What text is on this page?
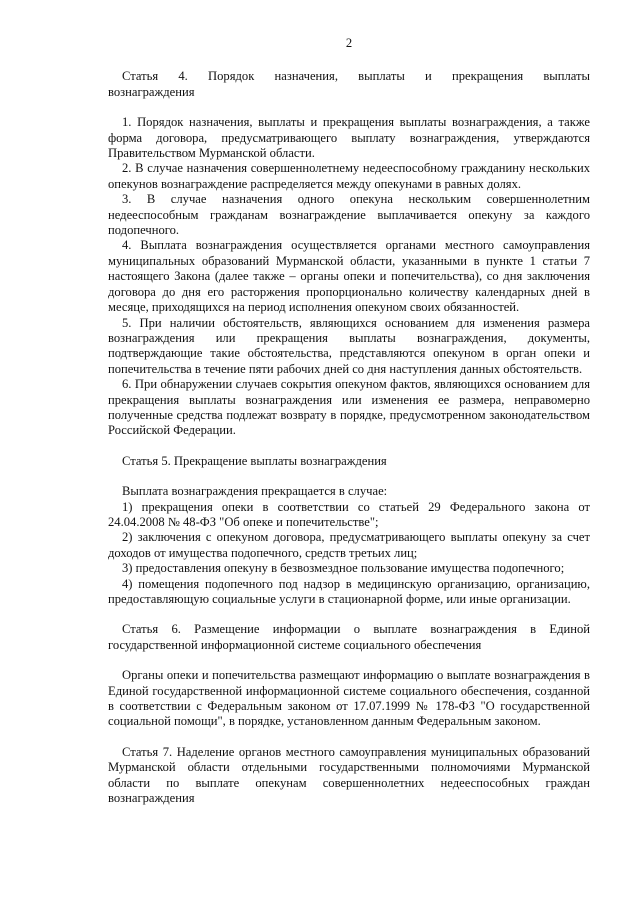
2

Статья 4. Порядок назначения, выплаты и прекращения выплаты вознаграждения

1. Порядок назначения, выплаты и прекращения выплаты вознаграждения, а также форма договора, предусматривающего выплату вознаграждения, утверждаются Правительством Мурманской области.

2. В случае назначения совершеннолетнему недееспособному гражданину нескольких опекунов вознаграждение распределяется между опекунами в равных долях.

3. В случае назначения одного опекуна нескольким совершеннолетним недееспособным гражданам вознаграждение выплачивается опекуну за каждого подопечного.

4. Выплата вознаграждения осуществляется органами местного самоуправления муниципальных образований Мурманской области, указанными в пункте 1 статьи 7 настоящего Закона (далее также – органы опеки и попечительства), со дня заключения договора до дня его расторжения пропорционально количеству календарных дней в месяце, приходящихся на период исполнения опекуном своих обязанностей.

5. При наличии обстоятельств, являющихся основанием для изменения размера вознаграждения или прекращения выплаты вознаграждения, документы, подтверждающие такие обстоятельства, представляются опекуном в орган опеки и попечительства в течение пяти рабочих дней со дня наступления данных обстоятельств.

6. При обнаружении случаев сокрытия опекуном фактов, являющихся основанием для прекращения выплаты вознаграждения или изменения ее размера, неправомерно полученные средства подлежат возврату в порядке, предусмотренном законодательством Российской Федерации.

Статья 5. Прекращение выплаты вознаграждения

Выплата вознаграждения прекращается в случае:

1) прекращения опеки в соответствии со статьей 29 Федерального закона от 24.04.2008 № 48-ФЗ "Об опеке и попечительстве";

2) заключения с опекуном договора, предусматривающего выплаты опекуну за счет доходов от имущества подопечного, средств третьих лиц;

3) предоставления опекуну в безвозмездное пользование имущества подопечного;

4) помещения подопечного под надзор в медицинскую организацию, организацию, предоставляющую социальные услуги в стационарной форме, или иные организации.

Статья 6. Размещение информации о выплате вознаграждения в Единой государственной информационной системе социального обеспечения

Органы опеки и попечительства размещают информацию о выплате вознаграждения в Единой государственной информационной системе социального обеспечения, созданной в соответствии с Федеральным законом от 17.07.1999 № 178-ФЗ "О государственной социальной помощи", в порядке, установленном данным Федеральным законом.

Статья 7. Наделение органов местного самоуправления муниципальных образований Мурманской области отдельными государственными полномочиями Мурманской области по выплате опекунам совершеннолетних недееспособных граждан вознаграждения
